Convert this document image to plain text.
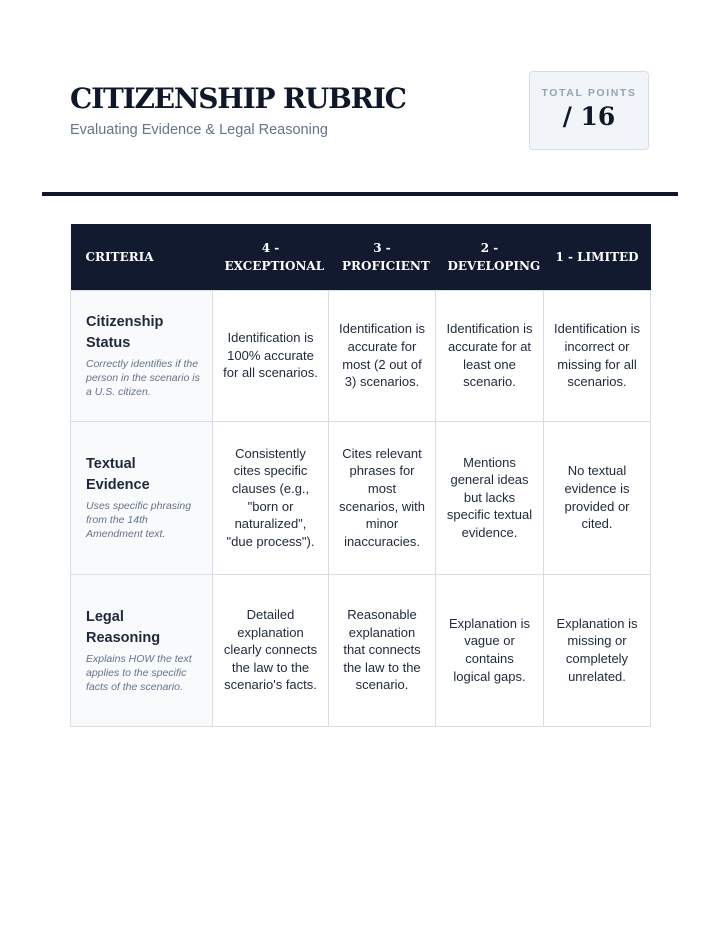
CITIZENSHIP RUBRIC

Evaluating Evidence & Legal Reasoning

TOTAL POINTS
/ 16
CRITERIA	4 - EXCEPTIONAL	3 - PROFICIENT	2 - DEVELOPING	1 - LIMITED

Citizenship Status
Correctly identifies if the person in the scenario is a U.S. citizen.	Identification is 100% accurate for all scenarios.	Identification is accurate for most (2 out of 3) scenarios.	Identification is accurate for at least one scenario.	Identification is incorrect or missing for all scenarios.

Textual Evidence
Uses specific phrasing from the 14th Amendment text.	Consistently cites specific clauses (e.g., "born or naturalized", "due process").	Cites relevant phrases for most scenarios, with minor inaccuracies.	Mentions general ideas but lacks specific textual evidence.	No textual evidence is provided or cited.

Legal Reasoning
Explains HOW the text applies to the specific facts of the scenario.	Detailed explanation clearly connects the law to the scenario's facts.	Reasonable explanation that connects the law to the scenario.	Explanation is vague or contains logical gaps.	Explanation is missing or completely unrelated.
